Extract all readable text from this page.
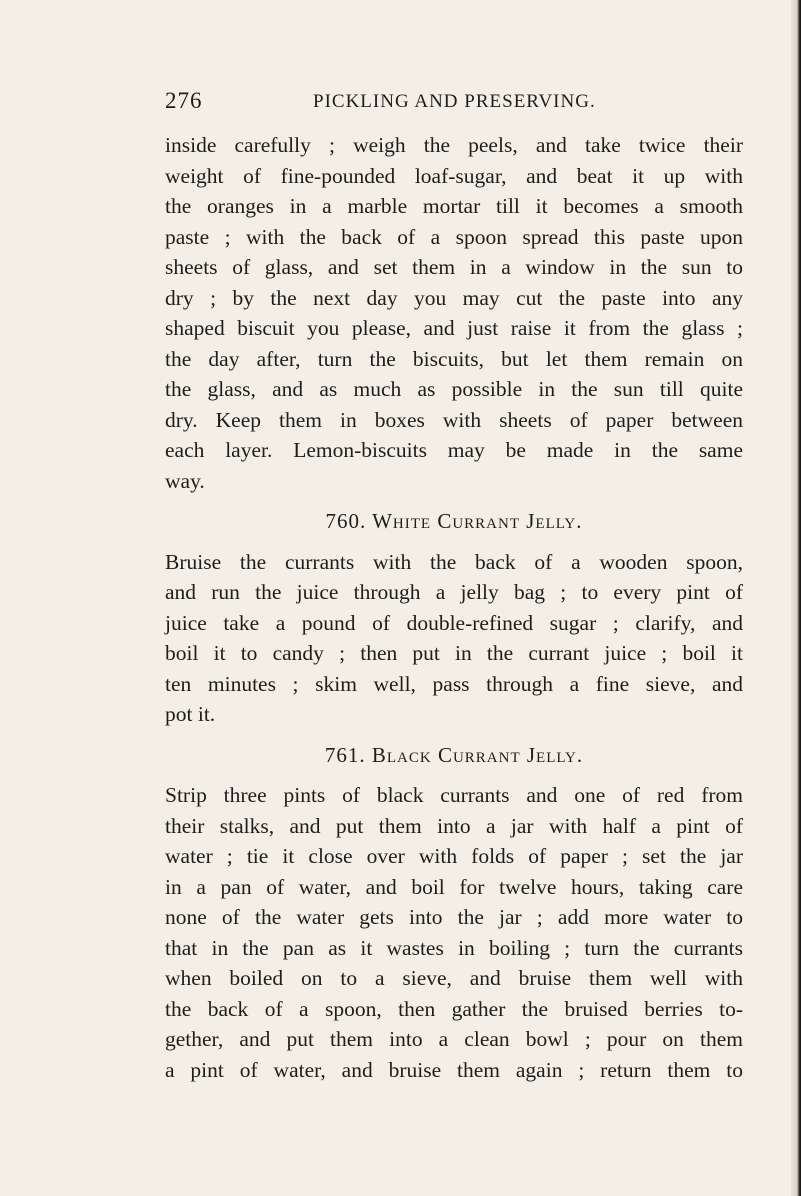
276	PICKLING AND PRESERVING.
inside carefully ; weigh the peels, and take twice their
weight of fine-pounded loaf-sugar, and beat it up with
the oranges in a marble mortar till it becomes a smooth
paste ; with the back of a spoon spread this paste upon
sheets of glass, and set them in a window in the sun to
dry ; by the next day you may cut the paste into any
shaped biscuit you please, and just raise it from the glass ;
the day after, turn the biscuits, but let them remain on
the glass, and as much as possible in the sun till quite
dry. Keep them in boxes with sheets of paper between
each layer. Lemon-biscuits may be made in the same
way.
760. White Currant Jelly.
Bruise the currants with the back of a wooden spoon,
and run the juice through a jelly bag ; to every pint of
juice take a pound of double-refined sugar ; clarify, and
boil it to candy ; then put in the currant juice ; boil it
ten minutes ; skim well, pass through a fine sieve, and
pot it.
761. Black Currant Jelly.
Strip three pints of black currants and one of red from
their stalks, and put them into a jar with half a pint of
water ; tie it close over with folds of paper ; set the jar
in a pan of water, and boil for twelve hours, taking care
none of the water gets into the jar ; add more water to
that in the pan as it wastes in boiling ; turn the currants
when boiled on to a sieve, and bruise them well with
the back of a spoon, then gather the bruised berries to-
gether, and put them into a clean bowl ; pour on them
a pint of water, and bruise them again ; return them to
